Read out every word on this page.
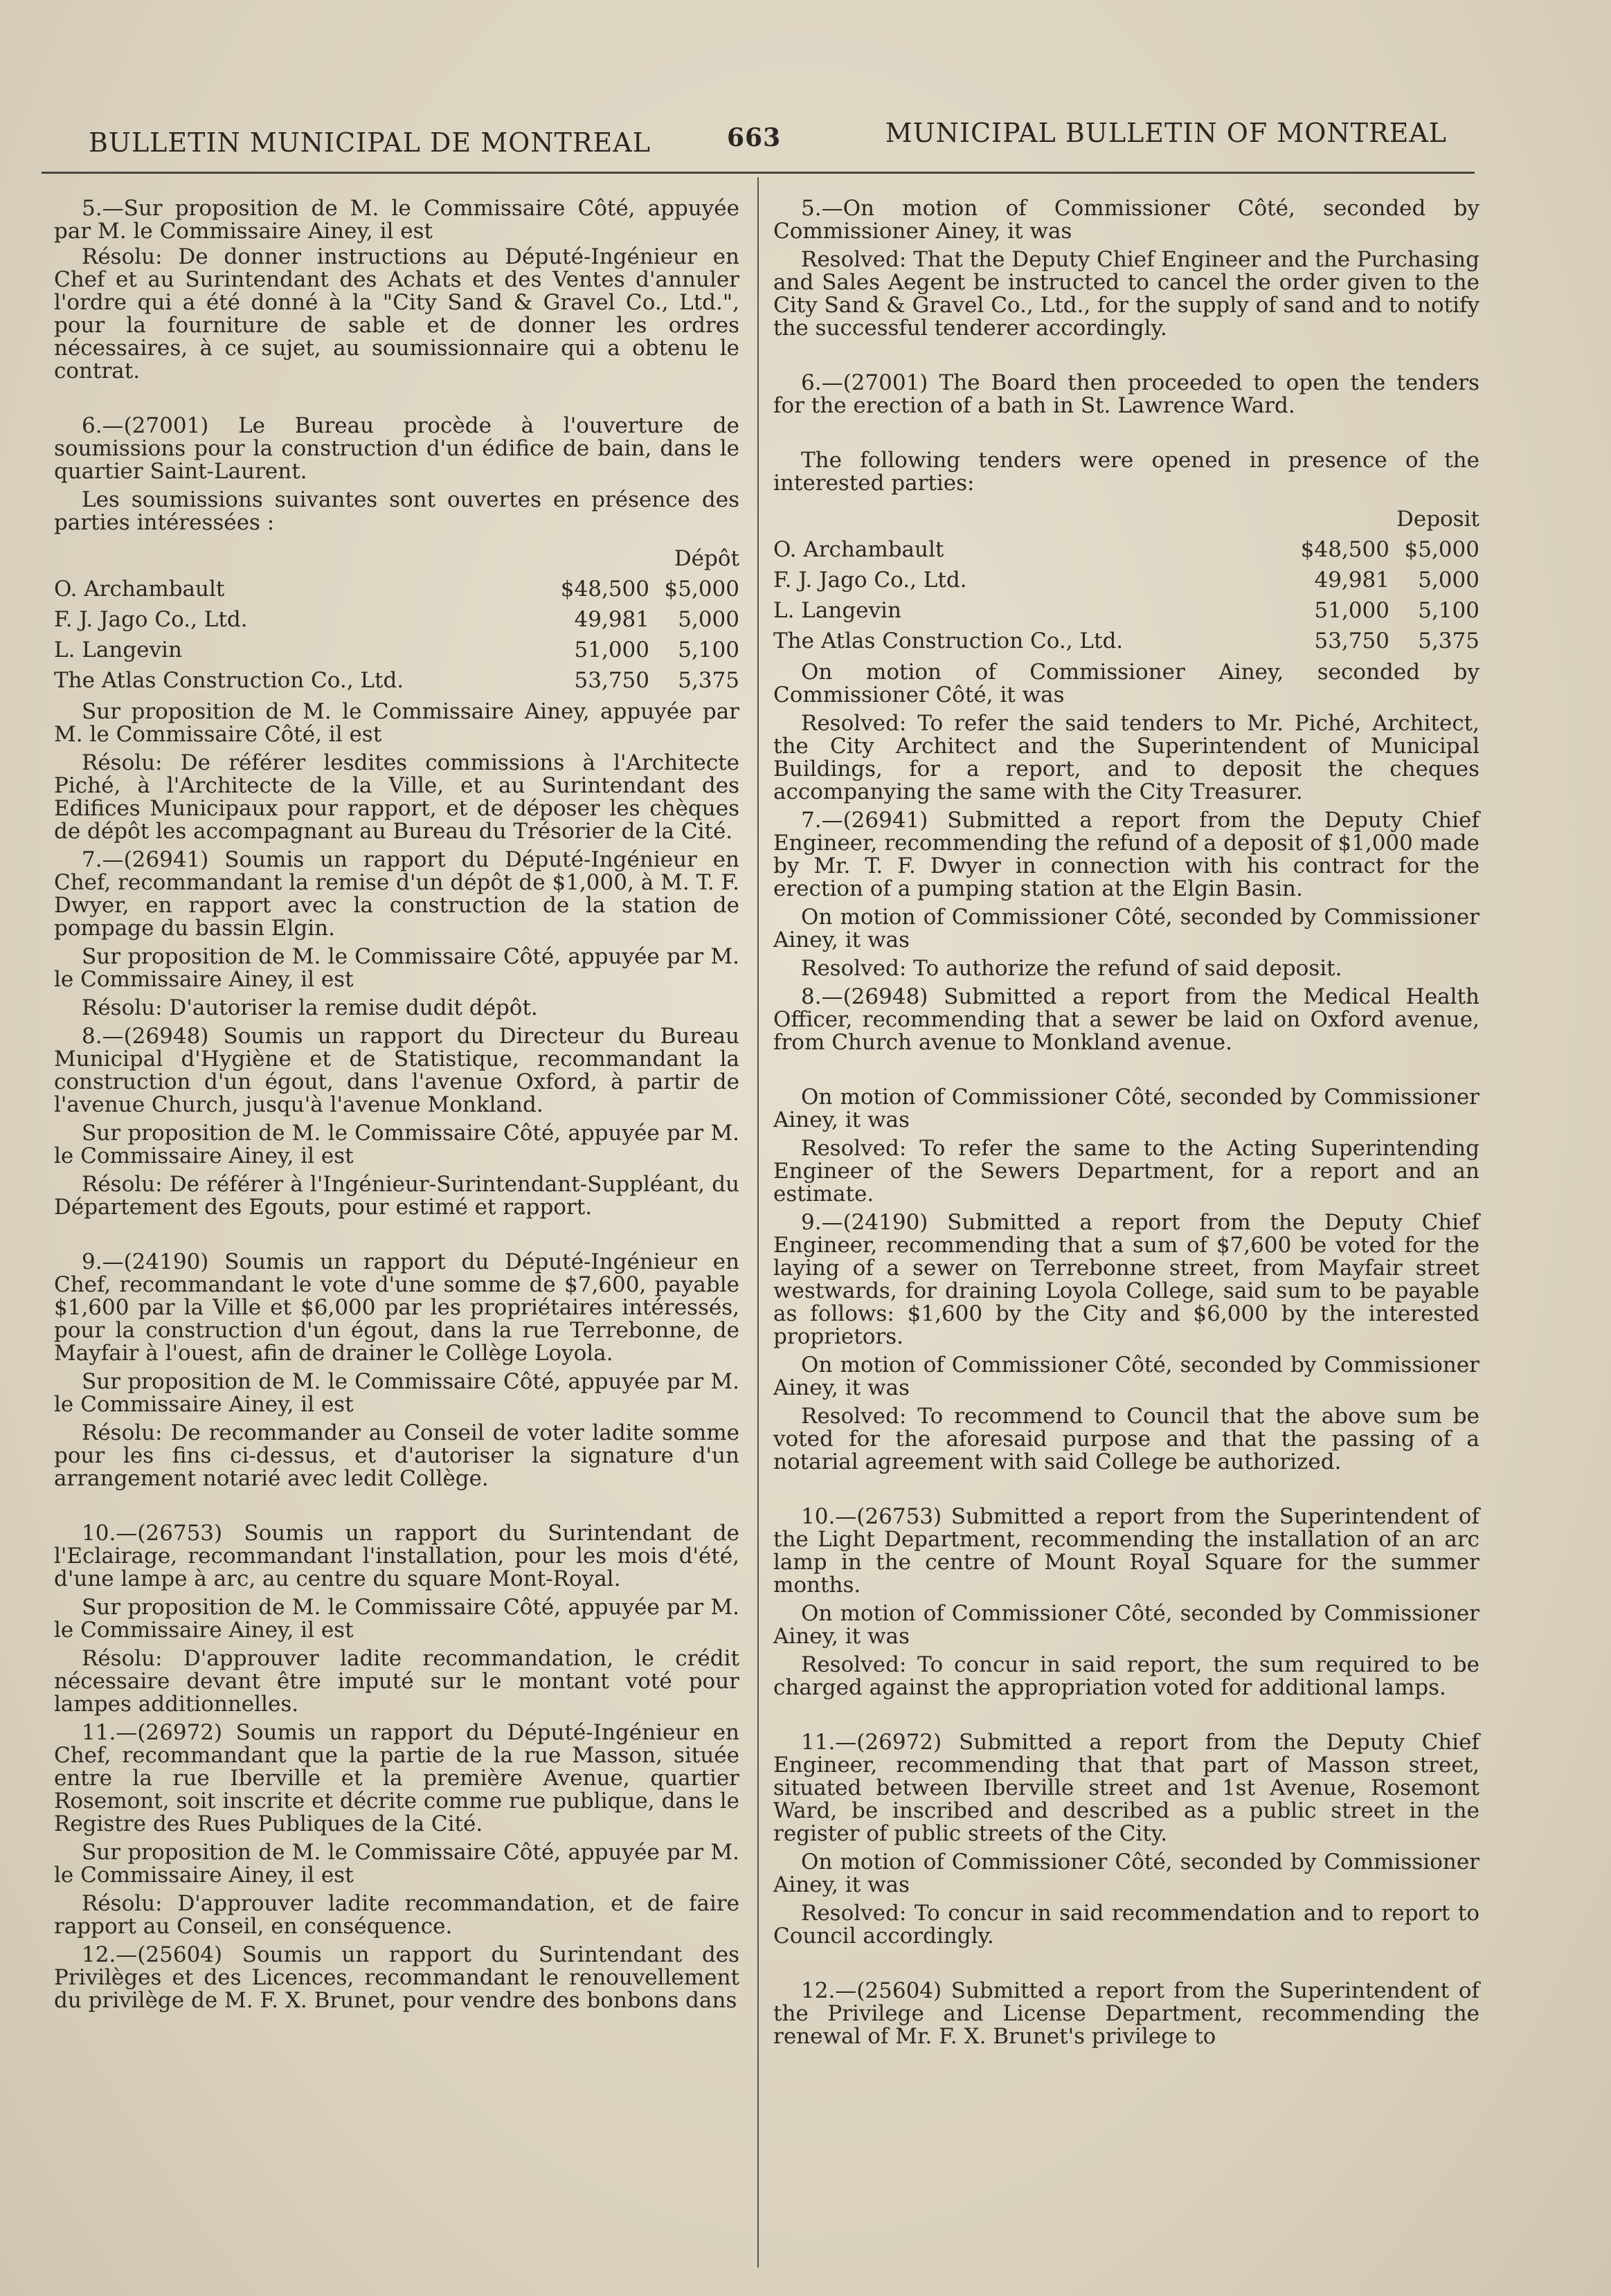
BULLETIN MUNICIPAL DE MONTREAL	663	MUNICIPAL BULLETIN OF MONTREAL

5.—Sur proposition de M. le Commissaire Côté, appuyée par M. le Commissaire Ainey, il est

Résolu: De donner instructions au Député-Ingénieur en Chef et au Surintendant des Achats et des Ventes d'annuler l'ordre qui a été donné à la "City Sand & Gravel Co., Ltd.", pour la fourniture de sable et de donner les ordres nécessaires, à ce sujet, au soumissionnaire qui a obtenu le contrat.

6.—(27001) Le Bureau procède à l'ouverture de soumissions pour la construction d'un édifice de bain, dans le quartier Saint-Laurent.

Les soumissions suivantes sont ouvertes en présence des parties intéressées :

		Dépôt
O. Archambault	$48,500	$5,000
F. J. Jago Co., Ltd.	49,981	5,000
L. Langevin	51,000	5,100
The Atlas Construction Co., Ltd.	53,750	5,375

Sur proposition de M. le Commissaire Ainey, appuyée par M. le Commissaire Côté, il est

Résolu: De référer lesdites commissions à l'Architecte Piché, à l'Architecte de la Ville, et au Surintendant des Edifices Municipaux pour rapport, et de déposer les chèques de dépôt les accompagnant au Bureau du Trésorier de la Cité.

7.—(26941) Soumis un rapport du Député-Ingénieur en Chef, recommandant la remise d'un dépôt de $1,000, à M. T. F. Dwyer, en rapport avec la construction de la station de pompage du bassin Elgin.

Sur proposition de M. le Commissaire Côté, appuyée par M. le Commissaire Ainey, il est

Résolu: D'autoriser la remise dudit dépôt.

8.—(26948) Soumis un rapport du Directeur du Bureau Municipal d'Hygiène et de Statistique, recommandant la construction d'un égout, dans l'avenue Oxford, à partir de l'avenue Church, jusqu'à l'avenue Monkland.

Sur proposition de M. le Commissaire Côté, appuyée par M. le Commissaire Ainey, il est

Résolu: De référer à l'Ingénieur-Surintendant-Suppléant, du Département des Egouts, pour estimé et rapport.

9.—(24190) Soumis un rapport du Député-Ingénieur en Chef, recommandant le vote d'une somme de $7,600, payable $1,600 par la Ville et $6,000 par les propriétaires intéressés, pour la construction d'un égout, dans la rue Terrebonne, de Mayfair à l'ouest, afin de drainer le Collège Loyola.

Sur proposition de M. le Commissaire Côté, appuyée par M. le Commissaire Ainey, il est

Résolu: De recommander au Conseil de voter ladite somme pour les fins ci-dessus, et d'autoriser la signature d'un arrangement notarié avec ledit Collège.

10.—(26753) Soumis un rapport du Surintendant de l'Eclairage, recommandant l'installation, pour les mois d'été, d'une lampe à arc, au centre du square Mont-Royal.

Sur proposition de M. le Commissaire Côté, appuyée par M. le Commissaire Ainey, il est

Résolu: D'approuver ladite recommandation, le crédit nécessaire devant être imputé sur le montant voté pour lampes additionnelles.

11.—(26972) Soumis un rapport du Député-Ingénieur en Chef, recommandant que la partie de la rue Masson, située entre la rue Iberville et la première Avenue, quartier Rosemont, soit inscrite et décrite comme rue publique, dans le Registre des Rues Publiques de la Cité.

Sur proposition de M. le Commissaire Côté, appuyée par M. le Commissaire Ainey, il est

Résolu: D'approuver ladite recommandation, et de faire rapport au Conseil, en conséquence.

12.—(25604) Soumis un rapport du Surintendant des Privilèges et des Licences, recommandant le renouvellement du privilège de M. F. X. Brunet, pour vendre des bonbons dans

5.—On motion of Commissioner Côté, seconded by Commissioner Ainey, it was

Resolved: That the Deputy Chief Engineer and the Purchasing and Sales Aegent be instructed to cancel the order given to the City Sand & Gravel Co., Ltd., for the supply of sand and to notify the successful tenderer accordingly.

6.—(27001) The Board then proceeded to open the tenders for the erection of a bath in St. Lawrence Ward.

The following tenders were opened in presence of the interested parties:

		Deposit
O. Archambault	$48,500	$5,000
F. J. Jago Co., Ltd.	49,981	5,000
L. Langevin	51,000	5,100
The Atlas Construction Co., Ltd.	53,750	5,375

On motion of Commissioner Ainey, seconded by Commissioner Côté, it was

Resolved: To refer the said tenders to Mr. Piché, Architect, the City Architect and the Superintendent of Municipal Buildings, for a report, and to deposit the cheques accompanying the same with the City Treasurer.

7.—(26941) Submitted a report from the Deputy Chief Engineer, recommending the refund of a deposit of $1,000 made by Mr. T. F. Dwyer in connection with his contract for the erection of a pumping station at the Elgin Basin.

On motion of Commissioner Côté, seconded by Commissioner Ainey, it was

Resolved: To authorize the refund of said deposit.

8.—(26948) Submitted a report from the Medical Health Officer, recommending that a sewer be laid on Oxford avenue, from Church avenue to Monkland avenue.

On motion of Commissioner Côté, seconded by Commissioner Ainey, it was

Resolved: To refer the same to the Acting Superintending Engineer of the Sewers Department, for a report and an estimate.

9.—(24190) Submitted a report from the Deputy Chief Engineer, recommending that a sum of $7,600 be voted for the laying of a sewer on Terrebonne street, from Mayfair street westwards, for draining Loyola College, said sum to be payable as follows: $1,600 by the City and $6,000 by the interested proprietors.

On motion of Commissioner Côté, seconded by Commissioner Ainey, it was

Resolved: To recommend to Council that the above sum be voted for the aforesaid purpose and that the passing of a notarial agreement with said College be authorized.

10.—(26753) Submitted a report from the Superintendent of the Light Department, recommending the installation of an arc lamp in the centre of Mount Royal Square for the summer months.

On motion of Commissioner Côté, seconded by Commissioner Ainey, it was

Resolved: To concur in said report, the sum required to be charged against the appropriation voted for additional lamps.

11.—(26972) Submitted a report from the Deputy Chief Engineer, recommending that that part of Masson street, situated between Iberville street and 1st Avenue, Rosemont Ward, be inscribed and described as a public street in the register of public streets of the City.

On motion of Commissioner Côté, seconded by Commissioner Ainey, it was

Resolved: To concur in said recommendation and to report to Council accordingly.

12.—(25604) Submitted a report from the Superintendent of the Privilege and License Department, recommending the renewal of Mr. F. X. Brunet's privilege to
